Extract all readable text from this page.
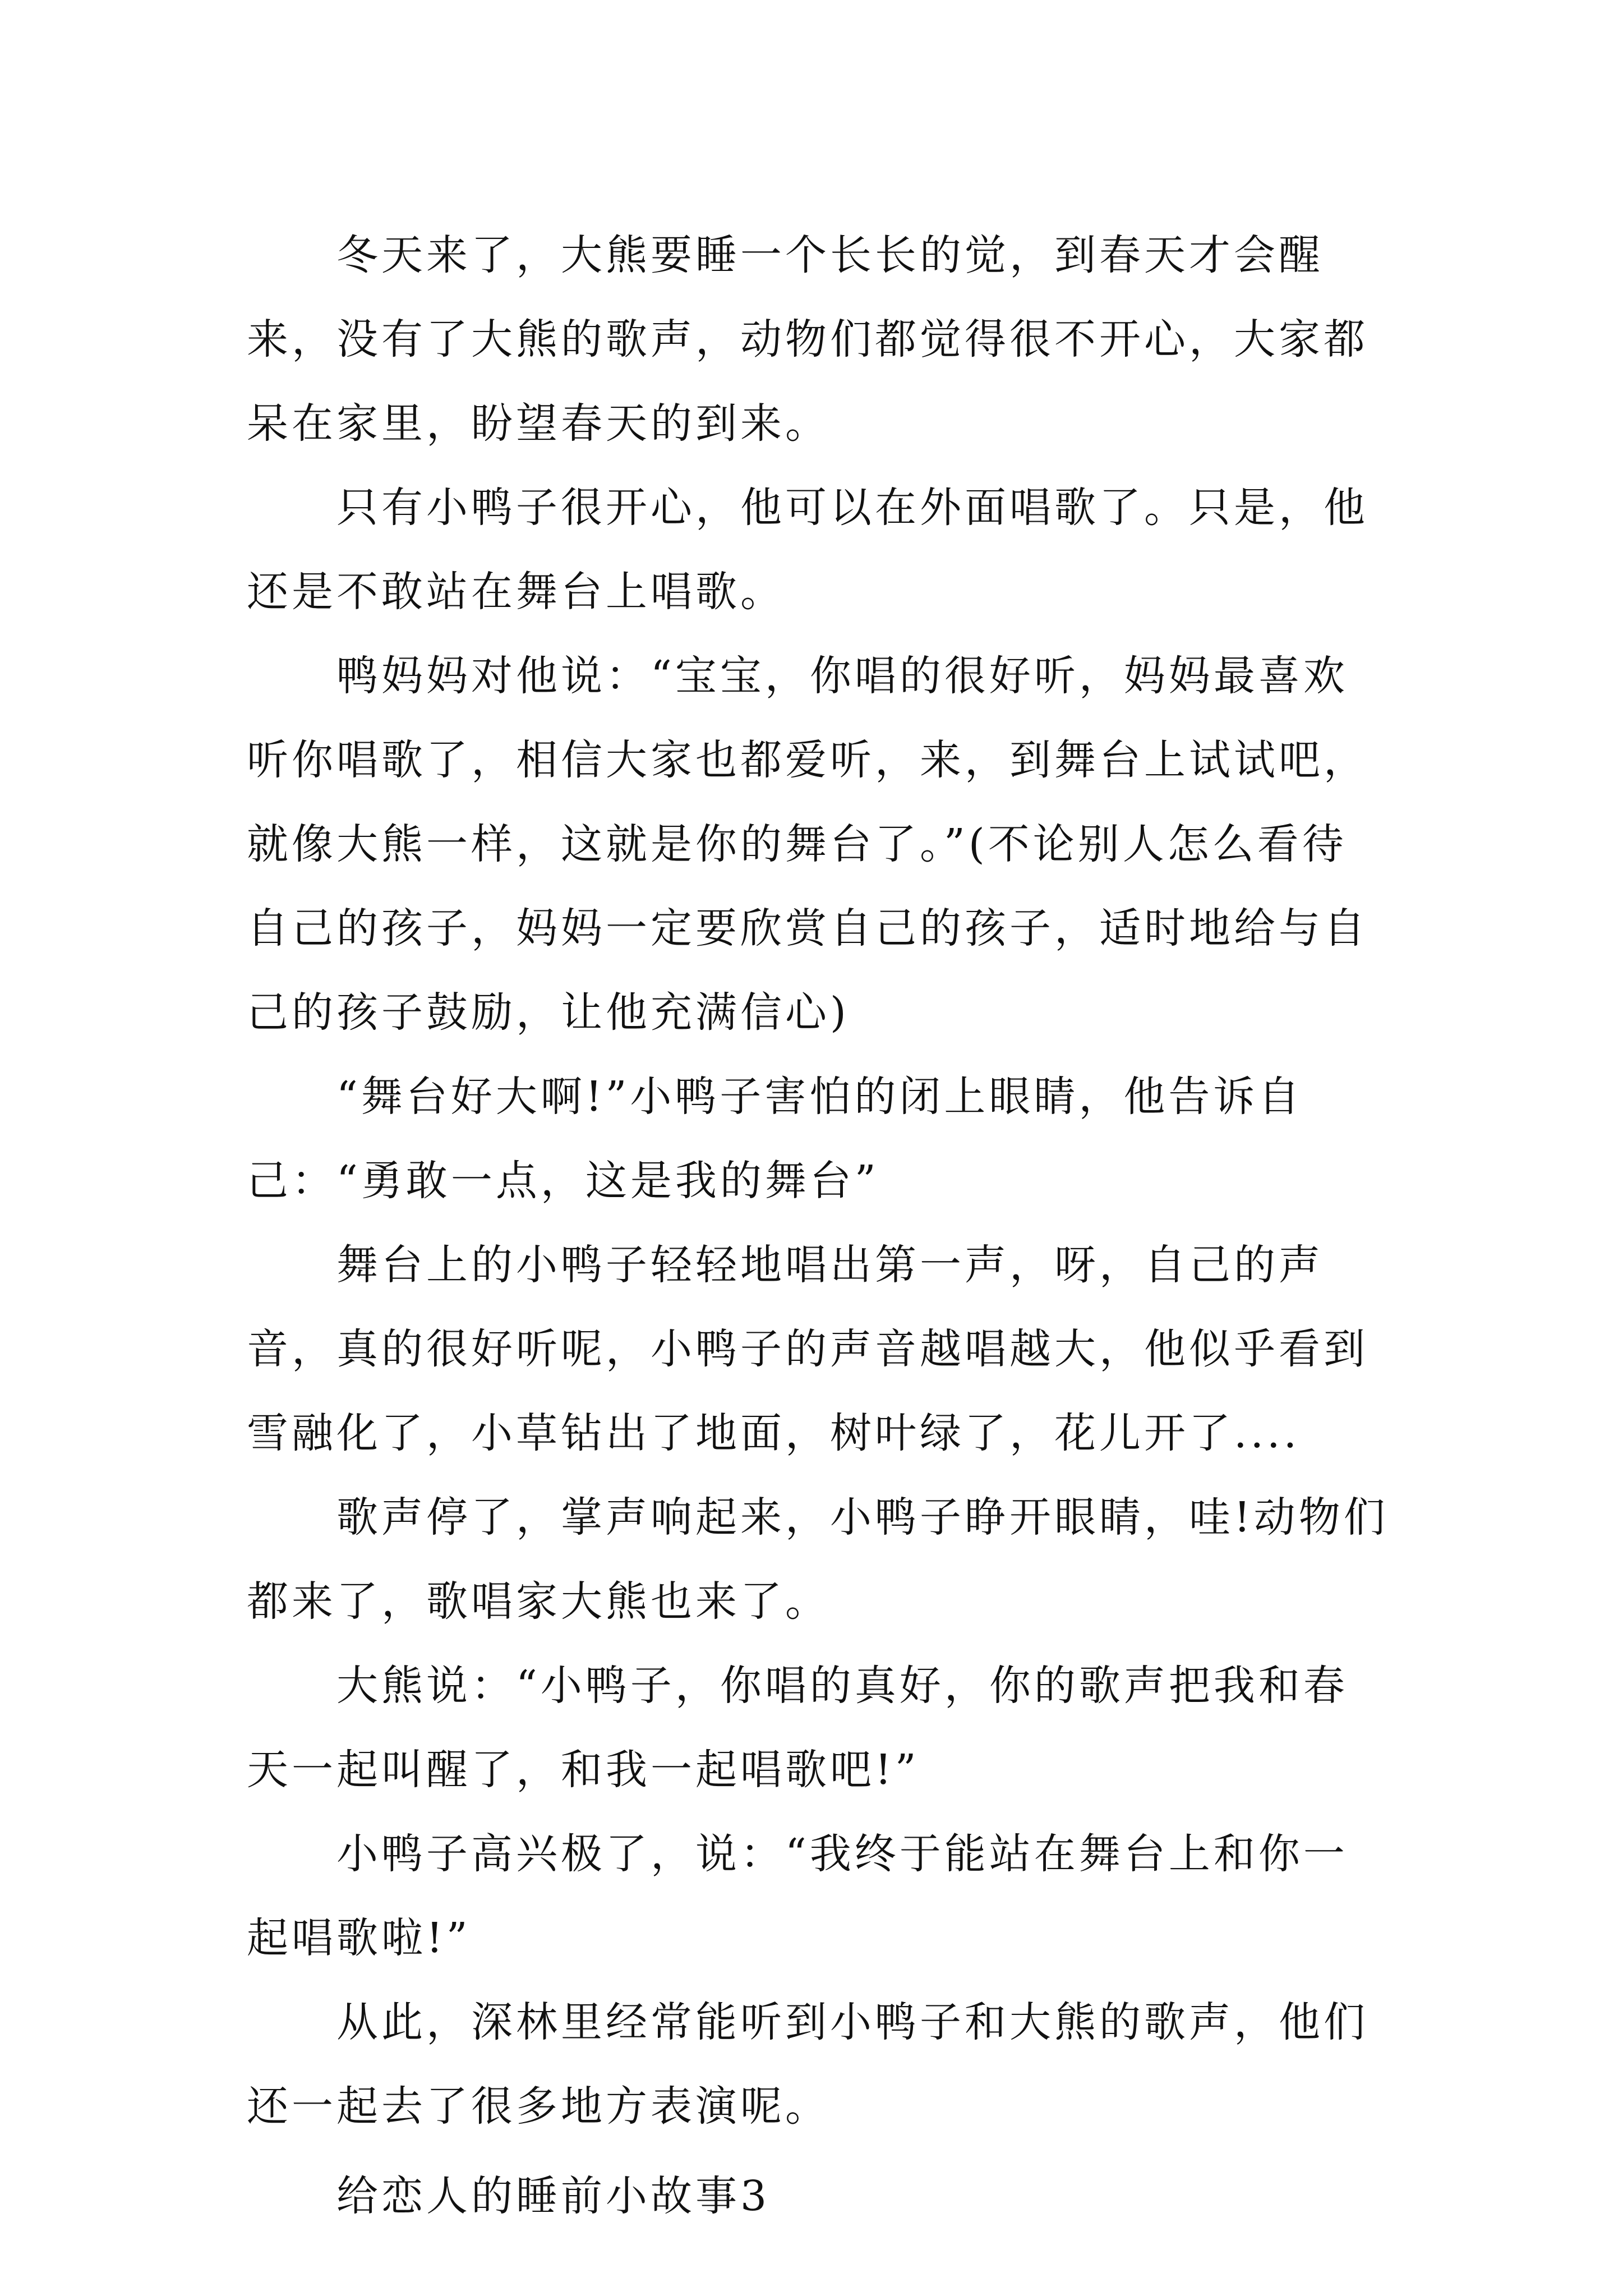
冬天来了，大熊要睡一个长长的觉，到春天才会醒来，没有了大熊的歌声，动物们都觉得很不开心，大家都呆在家里，盼望春天的到来。

只有小鸭子很开心，他可以在外面唱歌了。只是，他还是不敢站在舞台上唱歌。

鸭妈妈对他说：“宝宝，你唱的很好听，妈妈最喜欢听你唱歌了，相信大家也都爱听，来，到舞台上试试吧，就像大熊一样，这就是你的舞台了。”(不论别人怎么看待自己的孩子，妈妈一定要欣赏自己的孩子，适时地给与自己的孩子鼓励，让他充满信心)

“舞台好大啊!”小鸭子害怕的闭上眼睛，他告诉自己：“勇敢一点，这是我的舞台”

舞台上的小鸭子轻轻地唱出第一声，呀，自己的声音，真的很好听呢，小鸭子的声音越唱越大，他似乎看到雪融化了，小草钻出了地面，树叶绿了，花儿开了....

歌声停了，掌声响起来，小鸭子睁开眼睛，哇!动物们都来了，歌唱家大熊也来了。

大熊说：“小鸭子，你唱的真好，你的歌声把我和春天一起叫醒了，和我一起唱歌吧!”

小鸭子高兴极了，说：“我终于能站在舞台上和你一起唱歌啦!”

从此，深林里经常能听到小鸭子和大熊的歌声，他们还一起去了很多地方表演呢。

给恋人的睡前小故事3
